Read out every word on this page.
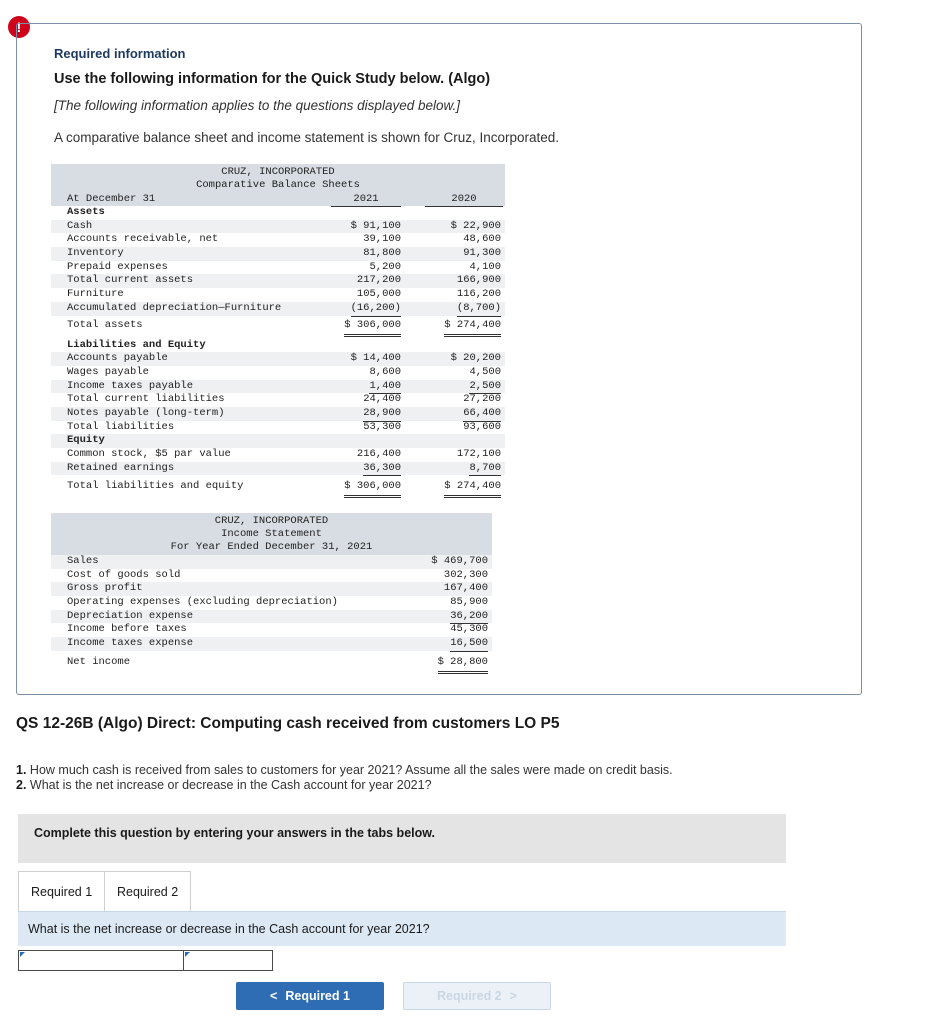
!
Required information
Use the following information for the Quick Study below. (Algo)
[The following information applies to the questions displayed below.]
A comparative balance sheet and income statement is shown for Cruz, Incorporated.
CRUZ, INCORPORATED
Comparative Balance Sheets
At December 31	2021	2020
Assets
Cash	$ 91,100	$ 22,900
Accounts receivable, net	39,100	48,600
Inventory	81,800	91,300
Prepaid expenses	5,200	4,100
Total current assets	217,200	166,900
Furniture	105,000	116,200
Accumulated depreciation—Furniture	(16,200)	(8,700)
Total assets	$ 306,000	$ 274,400
Liabilities and Equity
Accounts payable	$ 14,400	$ 20,200
Wages payable	8,600	4,500
Income taxes payable	1,400	2,500
Total current liabilities	24,400	27,200
Notes payable (long-term)	28,900	66,400
Total liabilities	53,300	93,600
Equity
Common stock, $5 par value	216,400	172,100
Retained earnings	36,300	8,700
Total liabilities and equity	$ 306,000	$ 274,400
CRUZ, INCORPORATED
Income Statement
For Year Ended December 31, 2021
Sales	$ 469,700
Cost of goods sold	302,300
Gross profit	167,400
Operating expenses (excluding depreciation)	85,900
Depreciation expense	36,200
Income before taxes	45,300
Income taxes expense	16,500
Net income	$ 28,800
QS 12-26B (Algo) Direct: Computing cash received from customers LO P5
1. How much cash is received from sales to customers for year 2021? Assume all the sales were made on credit basis.
2. What is the net increase or decrease in the Cash account for year 2021?
Complete this question by entering your answers in the tabs below.
Required 1	Required 2
What is the net increase or decrease in the Cash account for year 2021?
< Required 1	Required 2 >
